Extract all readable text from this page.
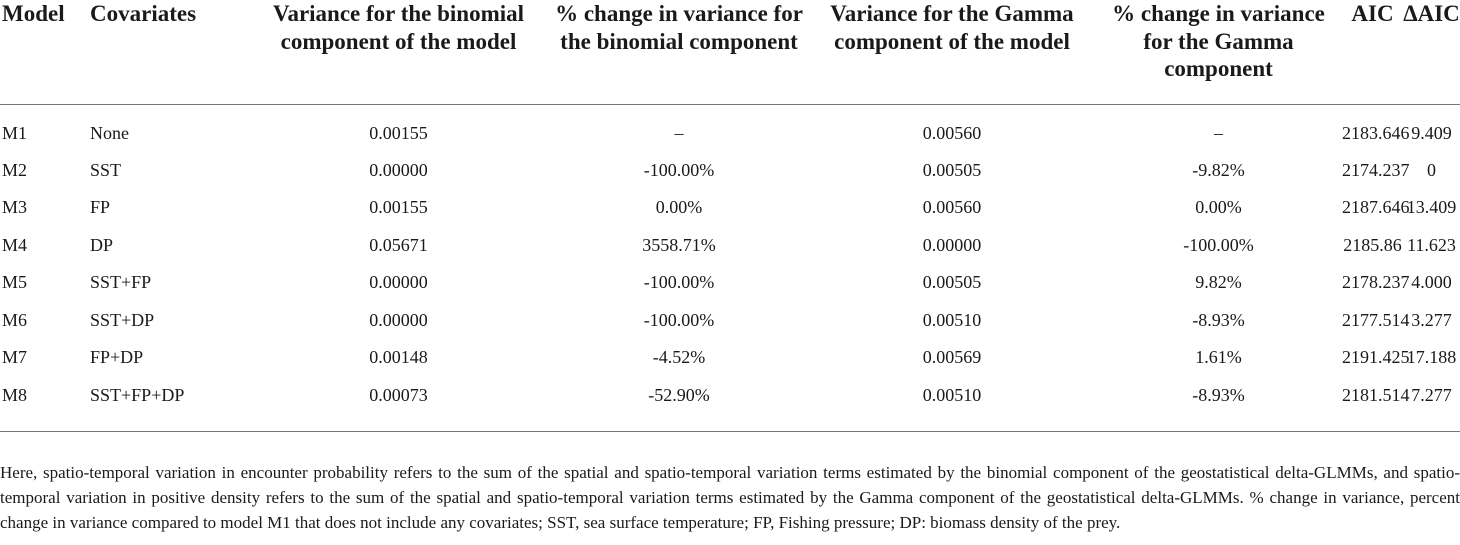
Model	Covariates	Variance for the binomial component of the model	% change in variance for the binomial component	Variance for the Gamma component of the model	% change in variance for the Gamma component	AIC	ΔAIC
M1	None	0.00155	–	0.00560	–	2183.646	9.409
M2	SST	0.00000	-100.00%	0.00505	-9.82%	2174.237	0
M3	FP	0.00155	0.00%	0.00560	0.00%	2187.646	13.409
M4	DP	0.05671	3558.71%	0.00000	-100.00%	2185.86	11.623
M5	SST+FP	0.00000	-100.00%	0.00505	9.82%	2178.237	4.000
M6	SST+DP	0.00000	-100.00%	0.00510	-8.93%	2177.514	3.277
M7	FP+DP	0.00148	-4.52%	0.00569	1.61%	2191.425	17.188
M8	SST+FP+DP	0.00073	-52.90%	0.00510	-8.93%	2181.514	7.277

Here, spatio-temporal variation in encounter probability refers to the sum of the spatial and spatio-temporal variation terms estimated by the binomial component of the geostatistical delta-GLMMs, and spatio-temporal variation in positive density refers to the sum of the spatial and spatio-temporal variation terms estimated by the Gamma component of the geostatistical delta-GLMMs. % change in variance, percent change in variance compared to model M1 that does not include any covariates; SST, sea surface temperature; FP, Fishing pressure; DP: biomass density of the prey.
